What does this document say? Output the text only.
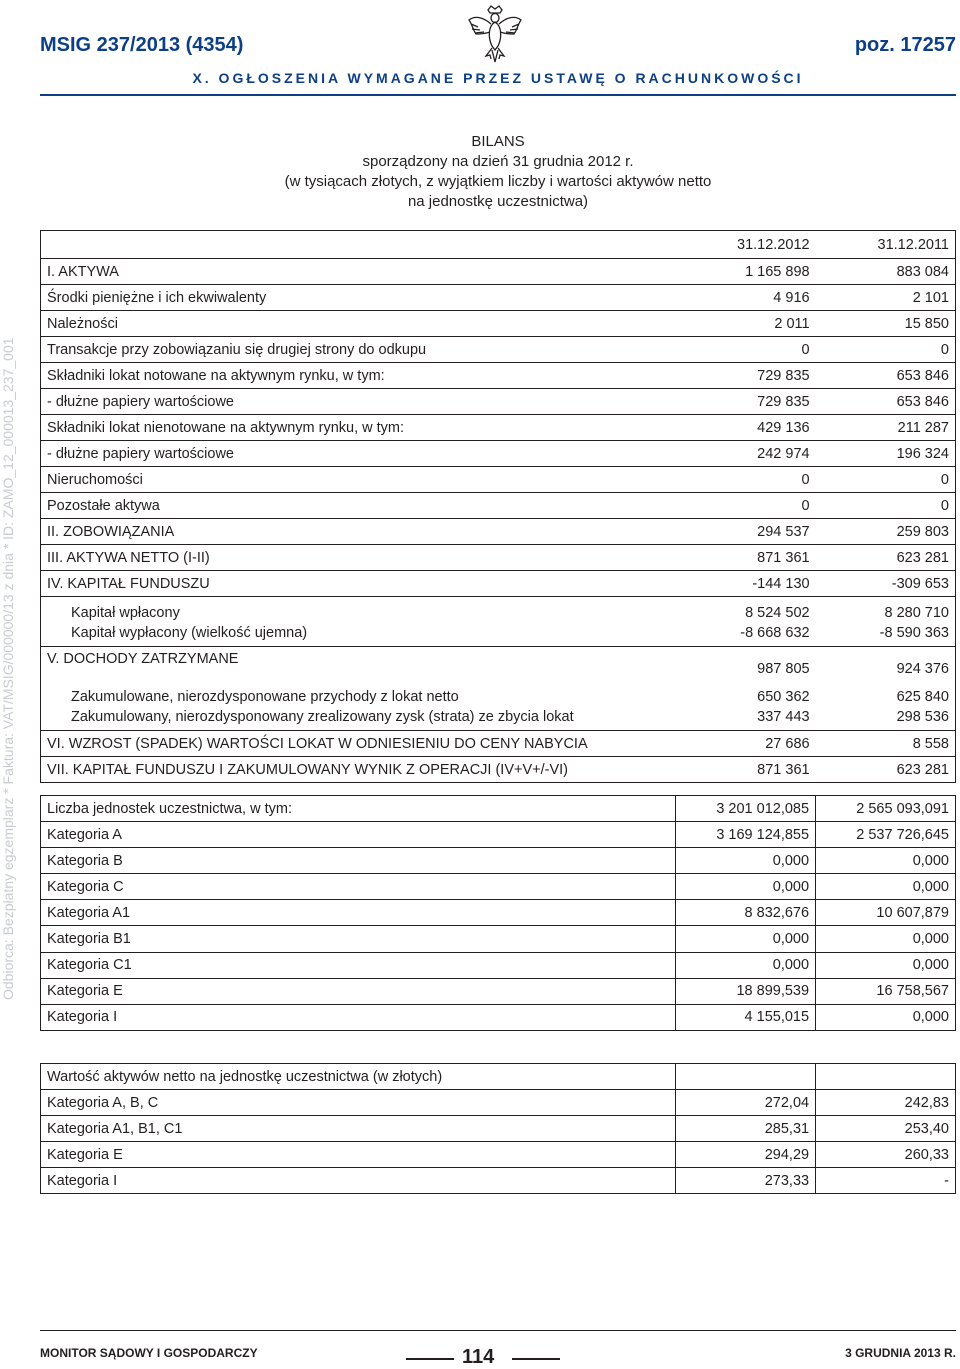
MSIG 237/2013 (4354)	poz. 17257
X. OGŁOSZENIA WYMAGANE PRZEZ USTAWĘ O RACHUNKOWOŚCI
Odbiorca: Bezpłatny egzemplarz * Faktura: VAT/MSIG/000000/13 z dnia * ID: ZAMO_12_000013_237_001
BILANS
sporządzony na dzień 31 grudnia 2012 r.
(w tysiącach złotych, z wyjątkiem liczby i wartości aktywów netto
na jednostkę uczestnictwa)
	31.12.2012	31.12.2011
I. AKTYWA	1 165 898	883 084
Środki pieniężne i ich ekwiwalenty	4 916	2 101
Należności	2 011	15 850
Transakcje przy zobowiązaniu się drugiej strony do odkupu	0	0
Składniki lokat notowane na aktywnym rynku, w tym:	729 835	653 846
- dłużne papiery wartościowe	729 835	653 846
Składniki lokat nienotowane na aktywnym rynku, w tym:	429 136	211 287
- dłużne papiery wartościowe	242 974	196 324
Nieruchomości	0	0
Pozostałe aktywa	0	0
II. ZOBOWIĄZANIA	294 537	259 803
III. AKTYWA NETTO (I-II)	871 361	623 281
IV. KAPITAŁ FUNDUSZU	-144 130	-309 653
Kapitał wpłacony	8 524 502	8 280 710
Kapitał wypłacony (wielkość ujemna)	-8 668 632	-8 590 363
V. DOCHODY ZATRZYMANE	987 805	924 376
Zakumulowane, nierozdysponowane przychody z lokat netto	650 362	625 840
Zakumulowany, nierozdysponowany zrealizowany zysk (strata) ze zbycia lokat	337 443	298 536
VI. WZROST (SPADEK) WARTOŚCI LOKAT W ODNIESIENIU DO CENY NABYCIA	27 686	8 558
VII. KAPITAŁ FUNDUSZU I ZAKUMULOWANY WYNIK Z OPERACJI (IV+V+/-VI)	871 361	623 281
Liczba jednostek uczestnictwa, w tym:	3 201 012,085	2 565 093,091
Kategoria A	3 169 124,855	2 537 726,645
Kategoria B	0,000	0,000
Kategoria C	0,000	0,000
Kategoria A1	8 832,676	10 607,879
Kategoria B1	0,000	0,000
Kategoria C1	0,000	0,000
Kategoria E	18 899,539	16 758,567
Kategoria I	4 155,015	0,000
Wartość aktywów netto na jednostkę uczestnictwa (w złotych)		
Kategoria A, B, C	272,04	242,83
Kategoria A1, B1, C1	285,31	253,40
Kategoria E	294,29	260,33
Kategoria I	273,33	-
MONITOR SĄDOWY I GOSPODARCZY	114	3 GRUDNIA 2013 R.
